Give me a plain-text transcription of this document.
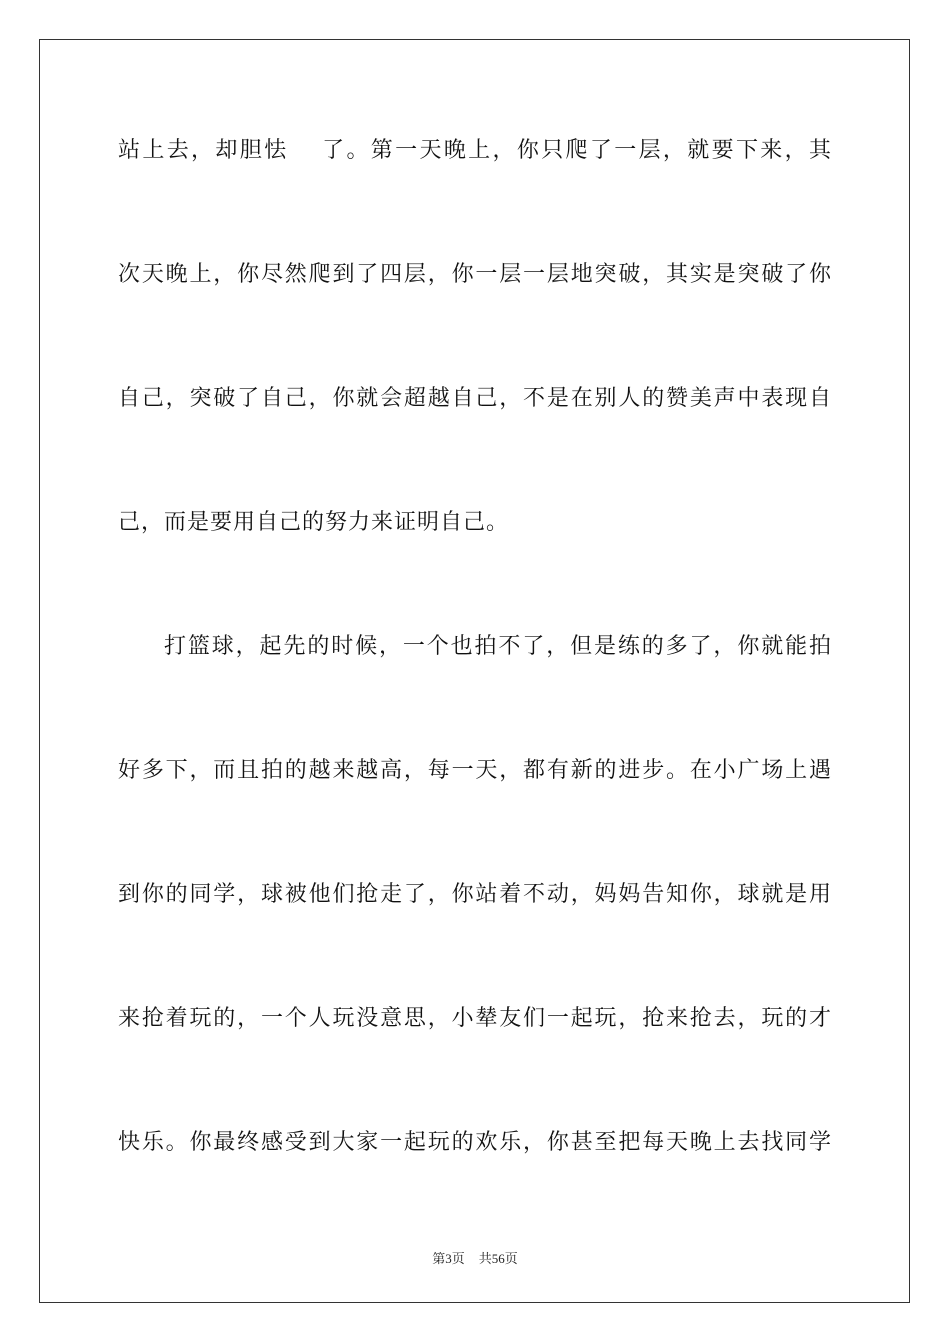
站上去，却胆怯　 了。第一天晚上，你只爬了一层，就要下来，其
次天晚上，你尽然爬到了四层，你一层一层地突破，其实是突破了你
自己，突破了自己，你就会超越自己，不是在别人的赞美声中表现自
己，而是要用自己的努力来证明自己。
打篮球，起先的时候，一个也拍不了，但是练的多了，你就能拍
好多下，而且拍的越来越高，每一天，都有新的进步。在小广场上遇
到你的同学，球被他们抢走了，你站着不动，妈妈告知你，球就是用
来抢着玩的，一个人玩没意思，小辇友们一起玩，抢来抢去，玩的才
快乐。你最终感受到大家一起玩的欢乐，你甚至把每天晚上去找同学
第3页 共56页
